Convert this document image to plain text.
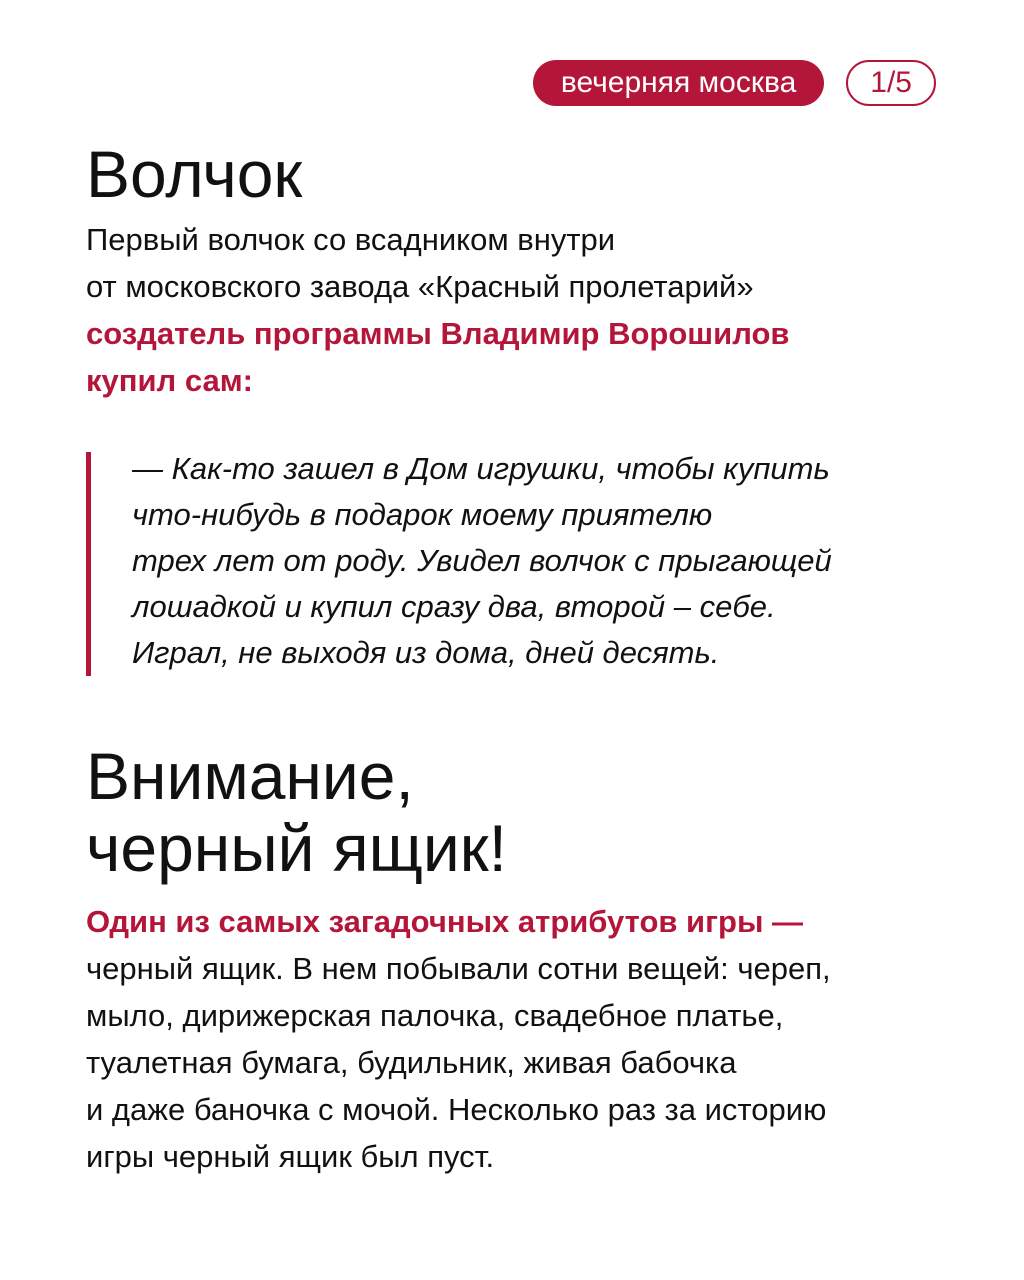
вечерняя москва	1/5
Волчок
Первый волчок со всадником внутри
от московского завода «Красный пролетарий»
создатель программы Владимир Ворошилов
купил сам:
— Как-то зашел в Дом игрушки, чтобы купить
что-нибудь в подарок моему приятелю
трех лет от роду. Увидел волчок с прыгающей
лошадкой и купил сразу два, второй – себе.
Играл, не выходя из дома, дней десять.
Внимание,
черный ящик!
Один из самых загадочных атрибутов игры —
черный ящик. В нем побывали сотни вещей: череп,
мыло, дирижерская палочка, свадебное платье,
туалетная бумага, будильник, живая бабочка
и даже баночка с мочой. Несколько раз за историю
игры черный ящик был пуст.
